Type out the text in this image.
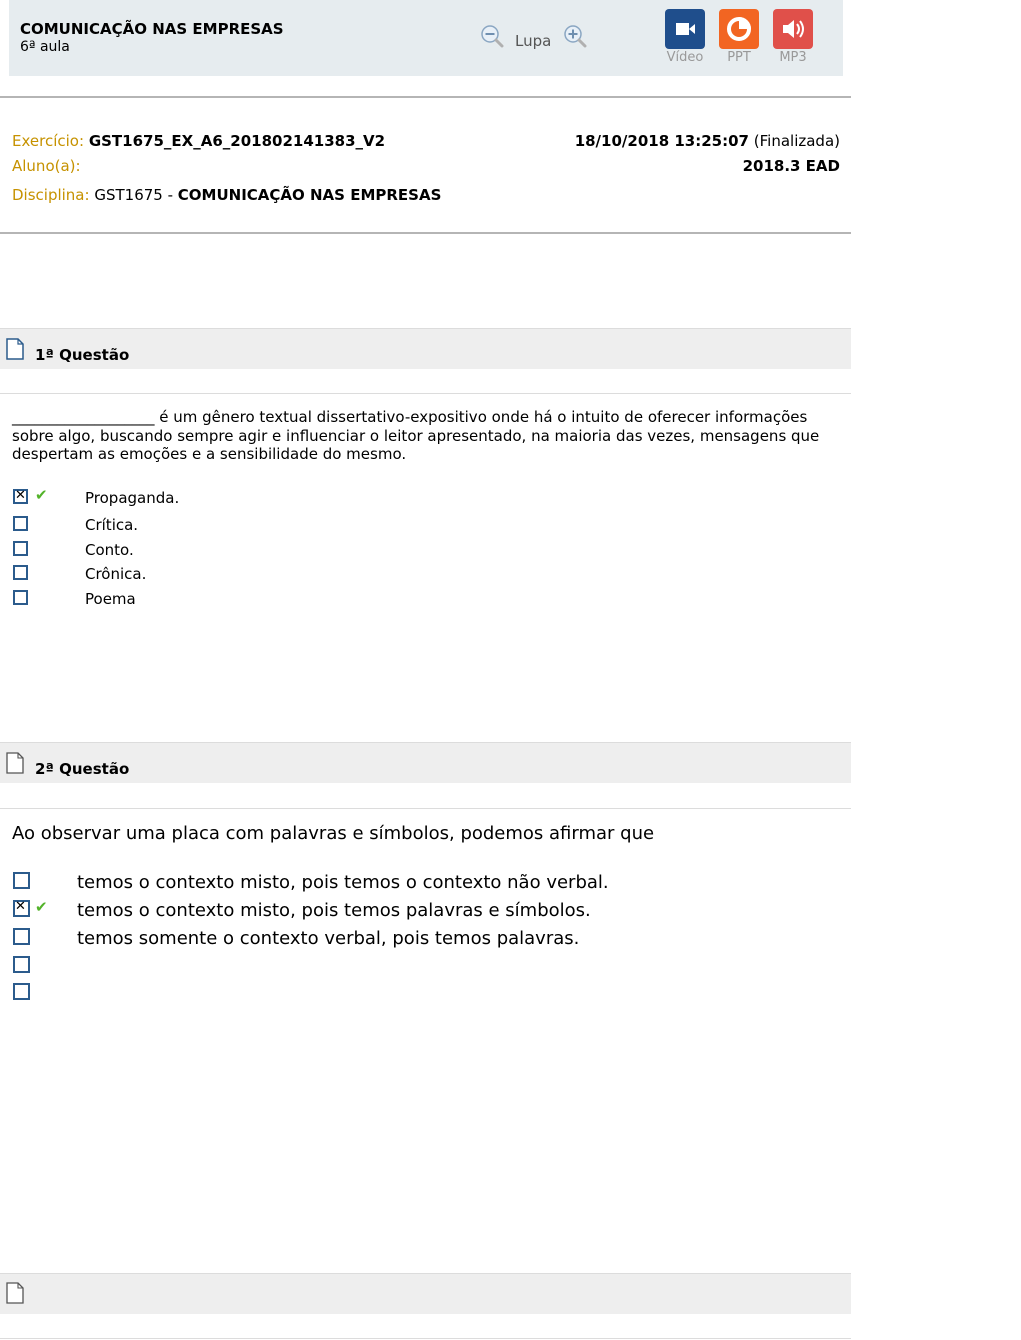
COMUNICAÇÃO NAS EMPRESAS
6ª aula	Lupa
Vídeo	PPT	MP3
Exercício: GST1675_EX_A6_201802141383_V2
Aluno(a):
Disciplina: GST1675 - COMUNICAÇÃO NAS EMPRESAS
18/10/2018 13:25:07 (Finalizada)
2018.3 EAD
1ª Questão
___________________ é um gênero textual dissertativo-expositivo onde há o intuito de oferecer informações
sobre algo, buscando sempre agir e influenciar o leitor apresentado, na maioria das vezes, mensagens que
despertam as emoções e a sensibilidade do mesmo.
✕
✔ Propaganda.
Crítica.
Conto.
Crônica.
Poema
2ª Questão
Ao observar uma placa com palavras e símbolos, podemos afirmar que
temos o contexto misto, pois temos o contexto não verbal.
✕
✔ temos o contexto misto, pois temos palavras e símbolos.
temos somente o contexto verbal, pois temos palavras.
